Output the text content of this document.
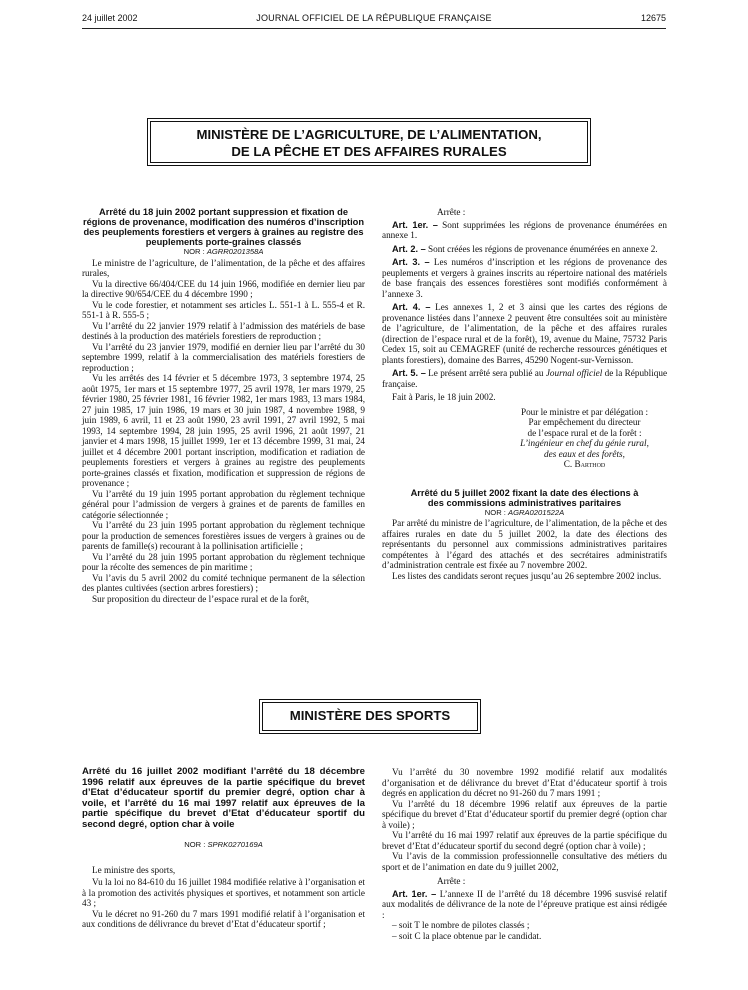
24 juillet 2002	JOURNAL OFFICIEL DE LA RÉPUBLIQUE FRANÇAISE	12675
MINISTÈRE DE L’AGRICULTURE, DE L’ALIMENTATION,
DE LA PÊCHE ET DES AFFAIRES RURALES

Arrêté du 18 juin 2002 portant suppression et fixation de régions de provenance, modification des numéros d’inscription des peuplements forestiers et vergers à graines au registre des peuplements porte-graines classés

NOR : AGRR0201358A

Le ministre de l’agriculture, de l’alimentation, de la pêche et des affaires rurales,

Vu la directive 66/404/CEE du 14 juin 1966, modifiée en dernier lieu par la directive 90/654/CEE du 4 décembre 1990 ;

Vu le code forestier, et notamment ses articles L. 551-1 à L. 555-4 et R. 551-1 à R. 555-5 ;

Vu l’arrêté du 22 janvier 1979 relatif à l’admission des matériels de base destinés à la production des matériels forestiers de reproduction ;

Vu l’arrêté du 23 janvier 1979, modifié en dernier lieu par l’arrêté du 30 septembre 1999, relatif à la commercialisation des matériels forestiers de reproduction ;

Vu les arrêtés des 14 février et 5 décembre 1973, 3 septembre 1974, 25 août 1975, 1er mars et 15 septembre 1977, 25 avril 1978, 1er mars 1979, 25 février 1980, 25 février 1981, 16 février 1982, 1er mars 1983, 13 mars 1984, 27 juin 1985, 17 juin 1986, 19 mars et 30 juin 1987, 4 novembre 1988, 9 juin 1989, 6 avril, 11 et 23 août 1990, 23 avril 1991, 27 avril 1992, 5 mai 1993, 14 septembre 1994, 28 juin 1995, 25 avril 1996, 21 août 1997, 21 janvier et 4 mars 1998, 15 juillet 1999, 1er et 13 décembre 1999, 31 mai, 24 juillet et 4 décembre 2001 portant inscription, modification et radiation de peuplements forestiers et vergers à graines au registre des peuplements porte-graines classés et fixation, modification et suppression de régions de provenance ;

Vu l’arrêté du 19 juin 1995 portant approbation du règlement technique général pour l’admission de vergers à graines et de parents de familles en catégorie sélectionnée ;

Vu l’arrêté du 23 juin 1995 portant approbation du règlement technique pour la production de semences forestières issues de vergers à graines ou de parents de famille(s) recourant à la pollinisation artificielle ;

Vu l’arrêté du 28 juin 1995 portant approbation du règlement technique pour la récolte des semences de pin maritime ;

Vu l’avis du 5 avril 2002 du comité technique permanent de la sélection des plantes cultivées (section arbres forestiers) ;

Sur proposition du directeur de l’espace rural et de la forêt,

Arrête :

Art. 1er. – Sont supprimées les régions de provenance énumérées en annexe 1.

Art. 2. – Sont créées les régions de provenance énumérées en annexe 2.

Art. 3. – Les numéros d’inscription et les régions de provenance des peuplements et vergers à graines inscrits au répertoire national des matériels de base français des essences forestières sont modifiés conformément à l’annexe 3.

Art. 4. – Les annexes 1, 2 et 3 ainsi que les cartes des régions de provenance listées dans l’annexe 2 peuvent être consultées soit au ministère de l’agriculture, de l’alimentation, de la pêche et des affaires rurales (direction de l’espace rural et de la forêt), 19, avenue du Maine, 75732 Paris Cedex 15, soit au CEMAGREF (unité de recherche ressources génétiques et plants forestiers), domaine des Barres, 45290 Nogent-sur-Vernisson.

Art. 5. – Le présent arrêté sera publié au Journal officiel de la République française.

Fait à Paris, le 18 juin 2002.

Pour le ministre et par délégation :
Par empêchement du directeur
de l’espace rural et de la forêt :
L’ingénieur en chef du génie rural,
des eaux et des forêts,
C. Barthod

Arrêté du 5 juillet 2002 fixant la date des élections à des commissions administratives paritaires

NOR : AGRA0201522A

Par arrêté du ministre de l’agriculture, de l’alimentation, de la pêche et des affaires rurales en date du 5 juillet 2002, la date des élections des représentants du personnel aux commissions administratives paritaires compétentes à l’égard des attachés et des secrétaires administratifs d’administration centrale est fixée au 7 novembre 2002.

Les listes des candidats seront reçues jusqu’au 26 septembre 2002 inclus.

MINISTÈRE DES SPORTS

Arrêté du 16 juillet 2002 modifiant l’arrêté du 18 décembre 1996 relatif aux épreuves de la partie spécifique du brevet d’Etat d’éducateur sportif du premier degré, option char à voile, et l’arrêté du 16 mai 1997 relatif aux épreuves de la partie spécifique du brevet d’Etat d’éducateur sportif du second degré, option char à voile

NOR : SPRK0270169A

Le ministre des sports,

Vu la loi no 84-610 du 16 juillet 1984 modifiée relative à l’organisation et à la promotion des activités physiques et sportives, et notamment son article 43 ;

Vu le décret no 91-260 du 7 mars 1991 modifié relatif à l’organisation et aux conditions de délivrance du brevet d’Etat d’éducateur sportif ;

Vu l’arrêté du 30 novembre 1992 modifié relatif aux modalités d’organisation et de délivrance du brevet d’Etat d’éducateur sportif à trois degrés en application du décret no 91-260 du 7 mars 1991 ;

Vu l’arrêté du 18 décembre 1996 relatif aux épreuves de la partie spécifique du brevet d’Etat d’éducateur sportif du premier degré (option char à voile) ;

Vu l’arrêté du 16 mai 1997 relatif aux épreuves de la partie spécifique du brevet d’Etat d’éducateur sportif du second degré (option char à voile) ;

Vu l’avis de la commission professionnelle consultative des métiers du sport et de l’animation en date du 9 juillet 2002,

Arrête :

Art. 1er. – L’annexe II de l’arrêté du 18 décembre 1996 susvisé relatif aux modalités de délivrance de la note de l’épreuve pratique est ainsi rédigée :

– soit T le nombre de pilotes classés ;

– soit C la place obtenue par le candidat.
